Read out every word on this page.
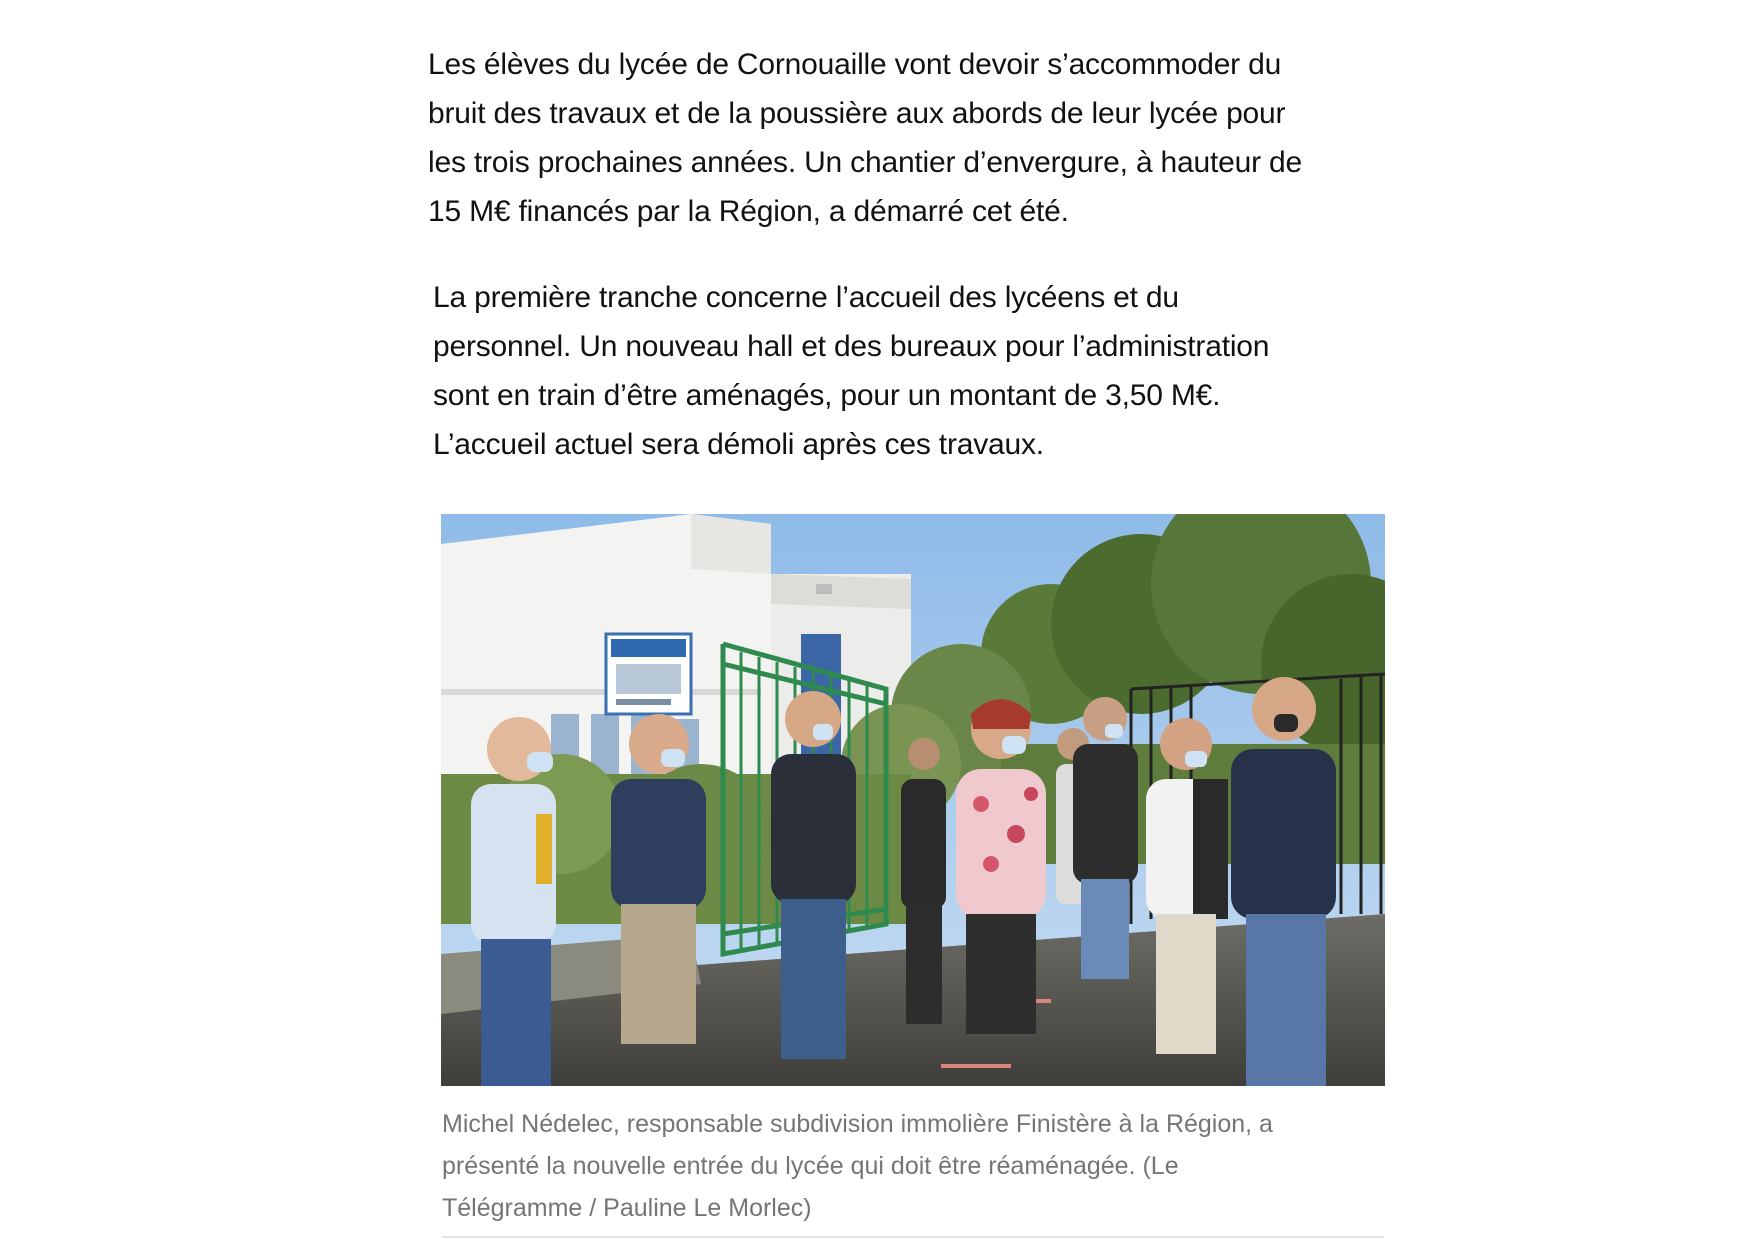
Les élèves du lycée de Cornouaille vont devoir s’accommoder du
bruit des travaux et de la poussière aux abords de leur lycée pour
les trois prochaines années. Un chantier d’envergure, à hauteur de
15 M€ financés par la Région, a démarré cet été.

La première tranche concerne l’accueil des lycéens et du
personnel. Un nouveau hall et des bureaux pour l’administration
sont en train d’être aménagés, pour un montant de 3,50 M€.
L’accueil actuel sera démoli après ces travaux.

Michel Nédelec, responsable subdivision immolière Finistère à la Région, a
présenté la nouvelle entrée du lycée qui doit être réaménagée. (Le
Télégramme / Pauline Le Morlec)
